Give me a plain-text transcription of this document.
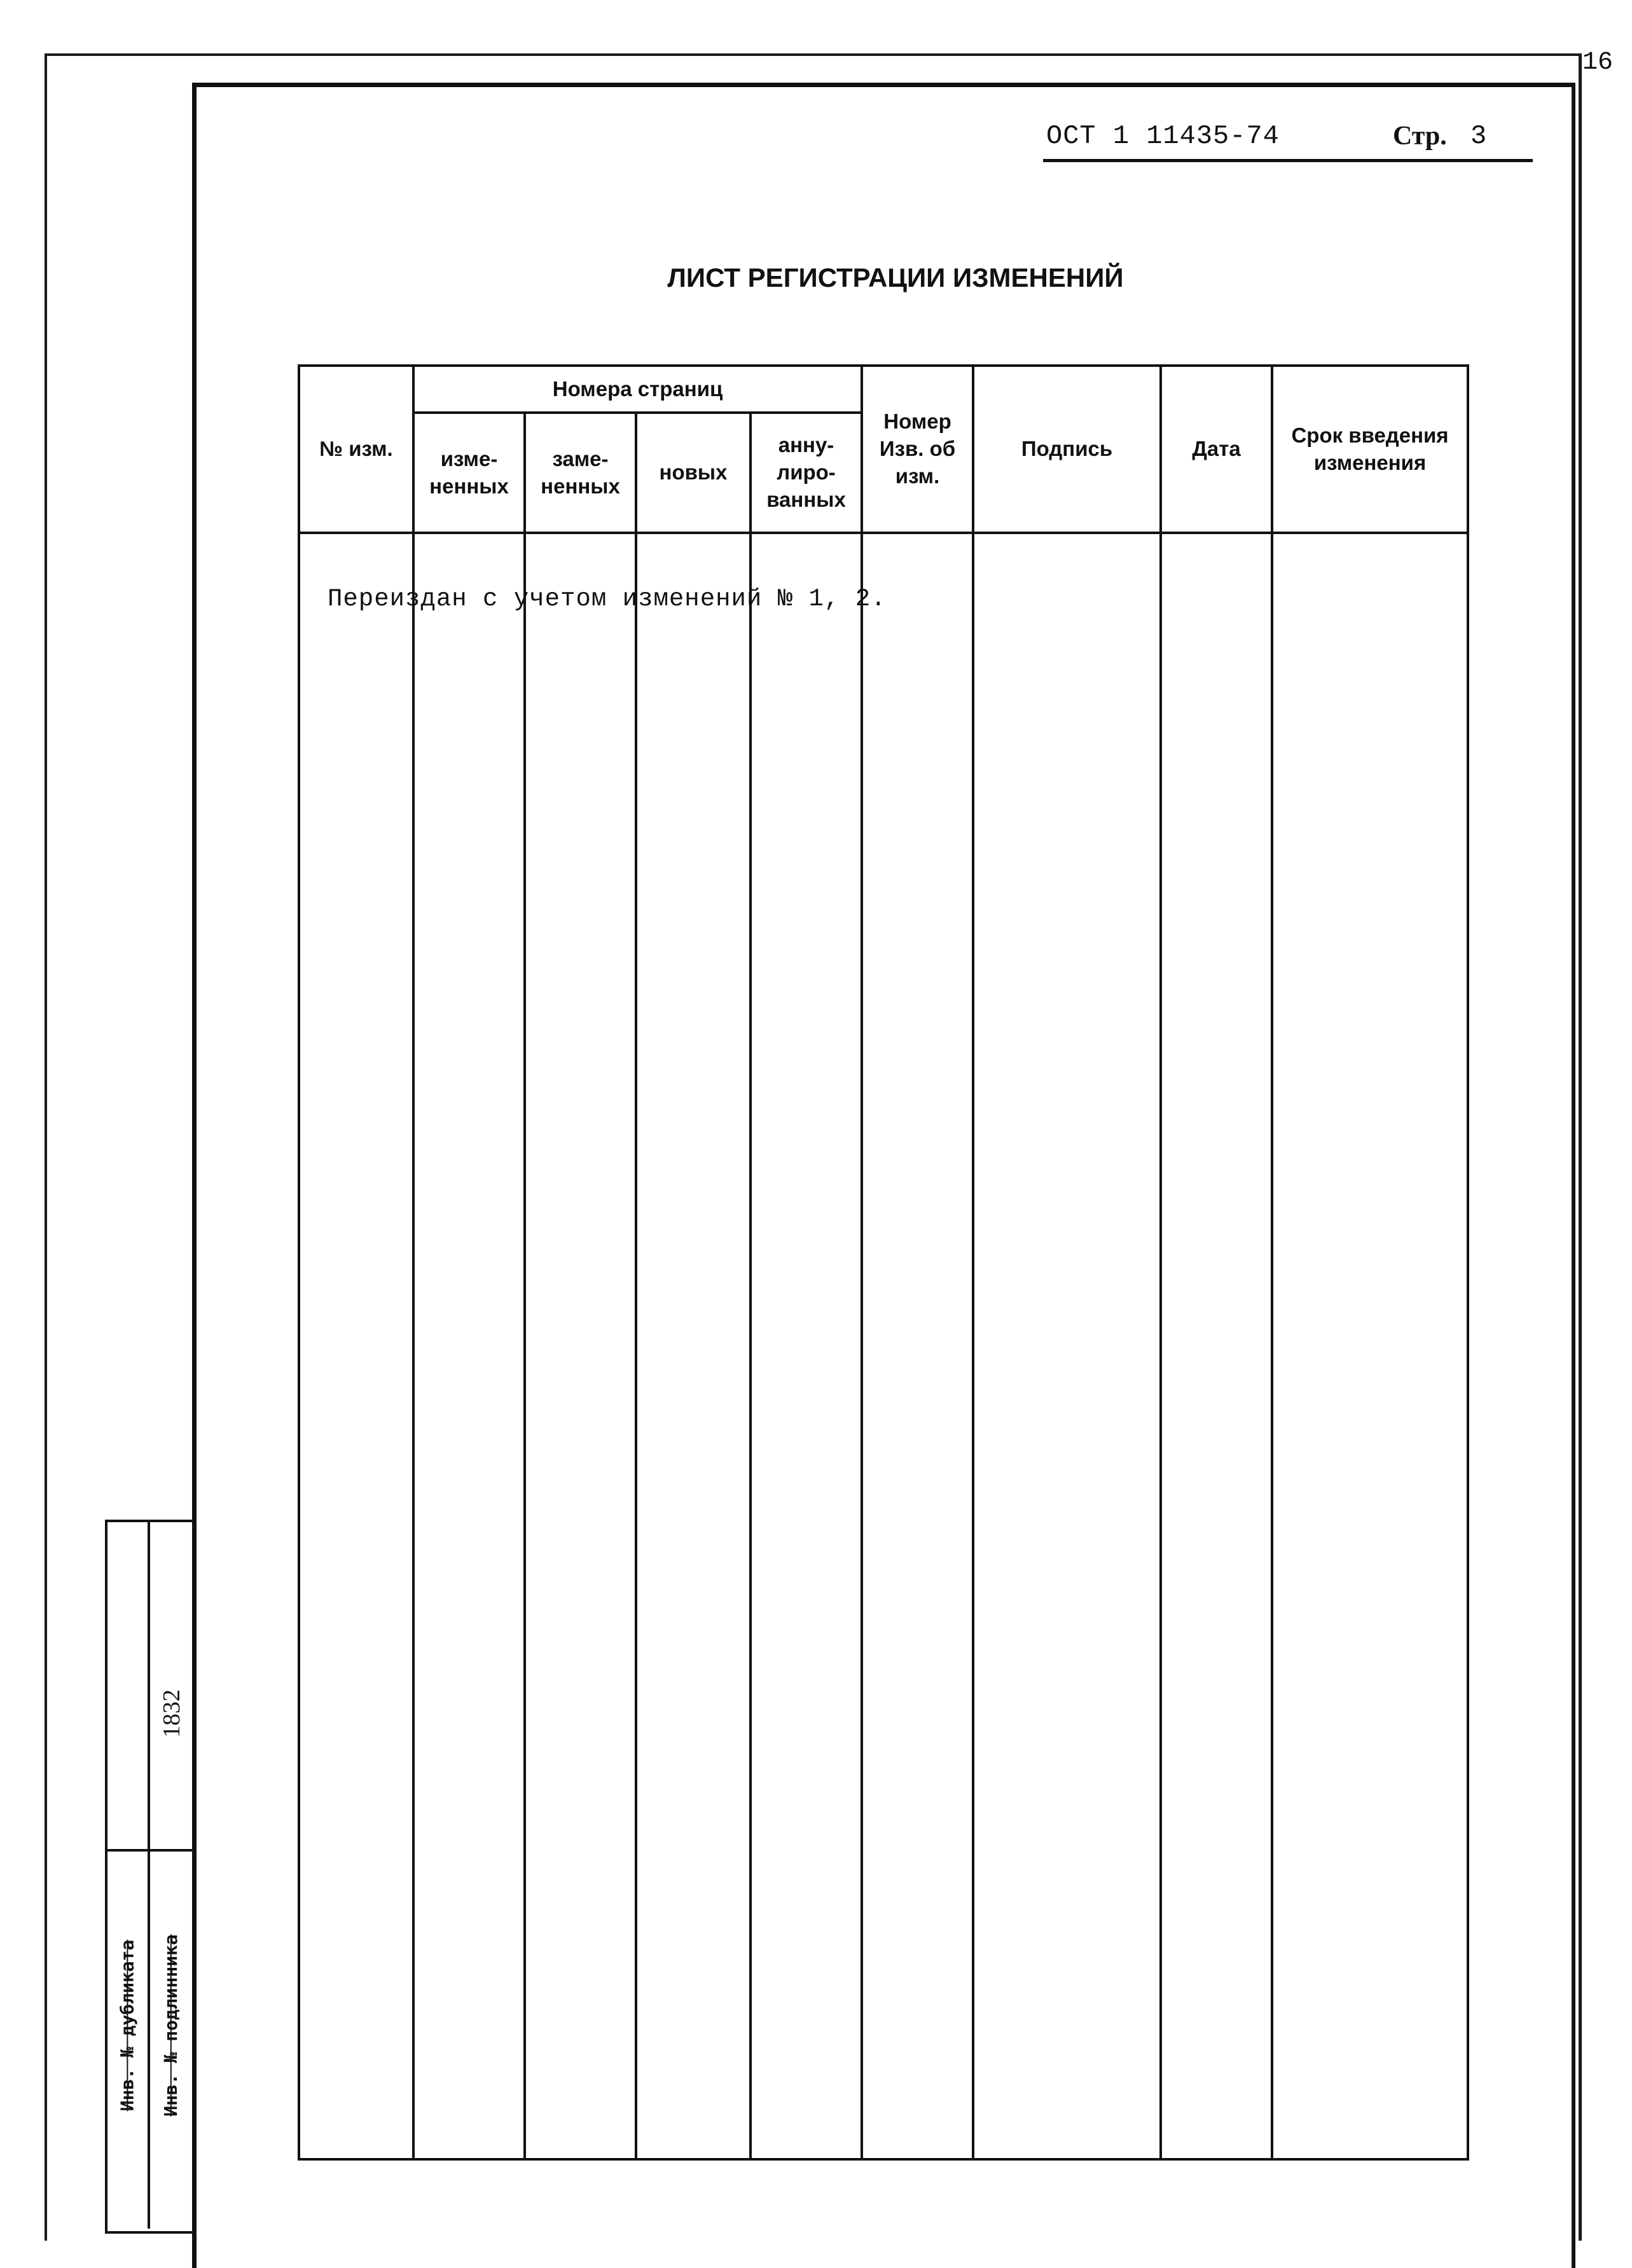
16
ОСТ 1 11435-74	Стр. 3
ЛИСТ РЕГИСТРАЦИИ ИЗМЕНЕНИЙ
№ изм.	Номера страниц				Номер Изв. об изм.	Подпись	Дата	Срок введения изменения
	изме-ненных	заме-ненных	новых	анну-лиро-ванных				

Переиздан с учетом изменений № 1, 2.
1832
Инв. № дубликата Инв. № подлинника
